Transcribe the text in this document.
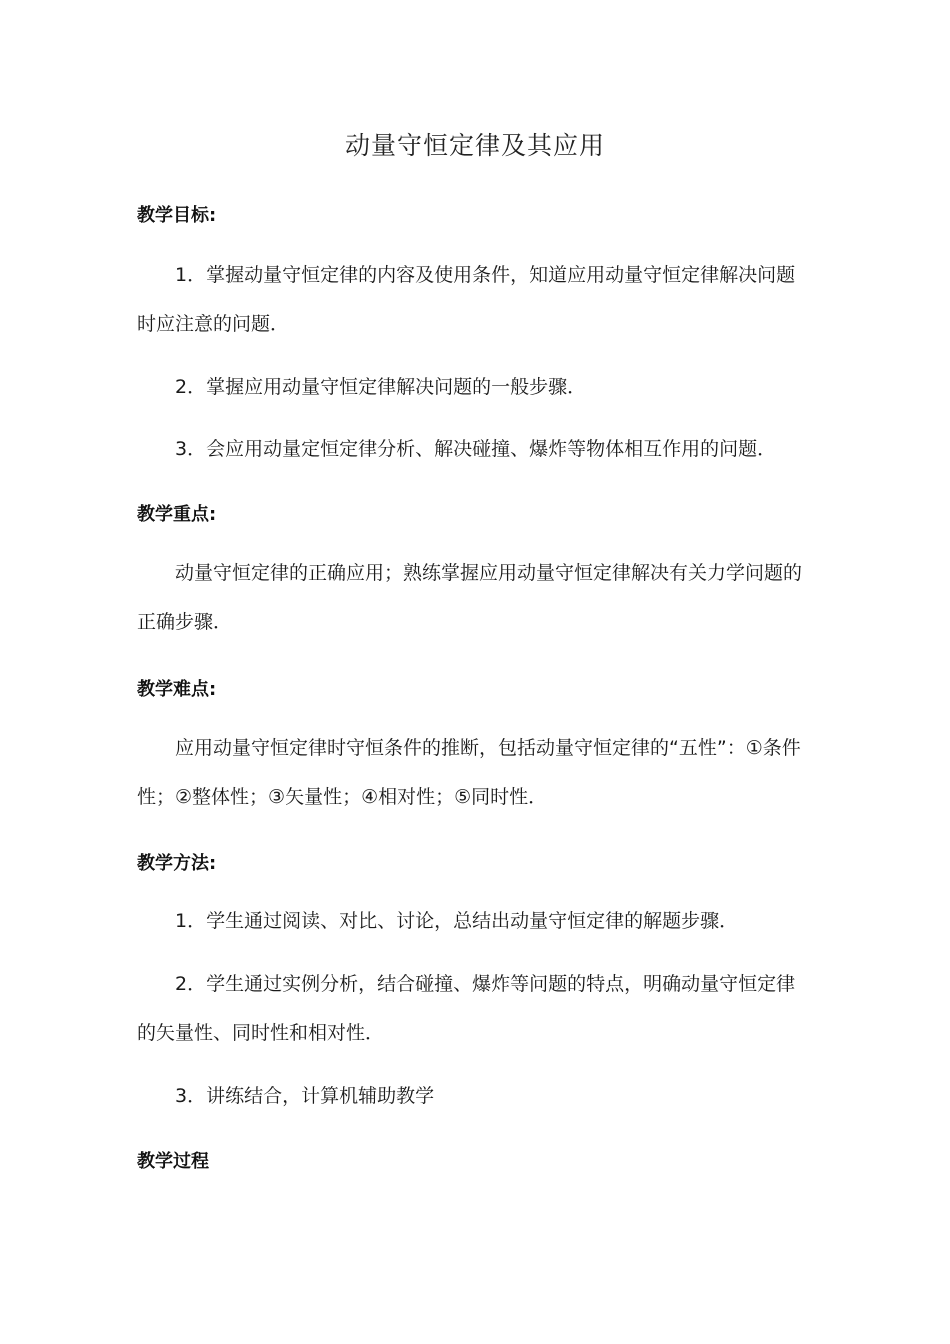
动量守恒定律及其应用
教学目标:

1．掌握动量守恒定律的内容及使用条件，知道应用动量守恒定律解决问题时应注意的问题．

2．掌握应用动量守恒定律解决问题的一般步骤．

3．会应用动量定恒定律分析、解决碰撞、爆炸等物体相互作用的问题．

教学重点:

动量守恒定律的正确应用；熟练掌握应用动量守恒定律解决有关力学问题的正确步骤．

教学难点:

应用动量守恒定律时守恒条件的推断，包括动量守恒定律的“五性”：①条件性；②整体性；③矢量性；④相对性；⑤同时性．

教学方法:

1．学生通过阅读、对比、讨论，总结出动量守恒定律的解题步骤．

2．学生通过实例分析，结合碰撞、爆炸等问题的特点，明确动量守恒定律的矢量性、同时性和相对性．

3．讲练结合，计算机辅助教学

教学过程
